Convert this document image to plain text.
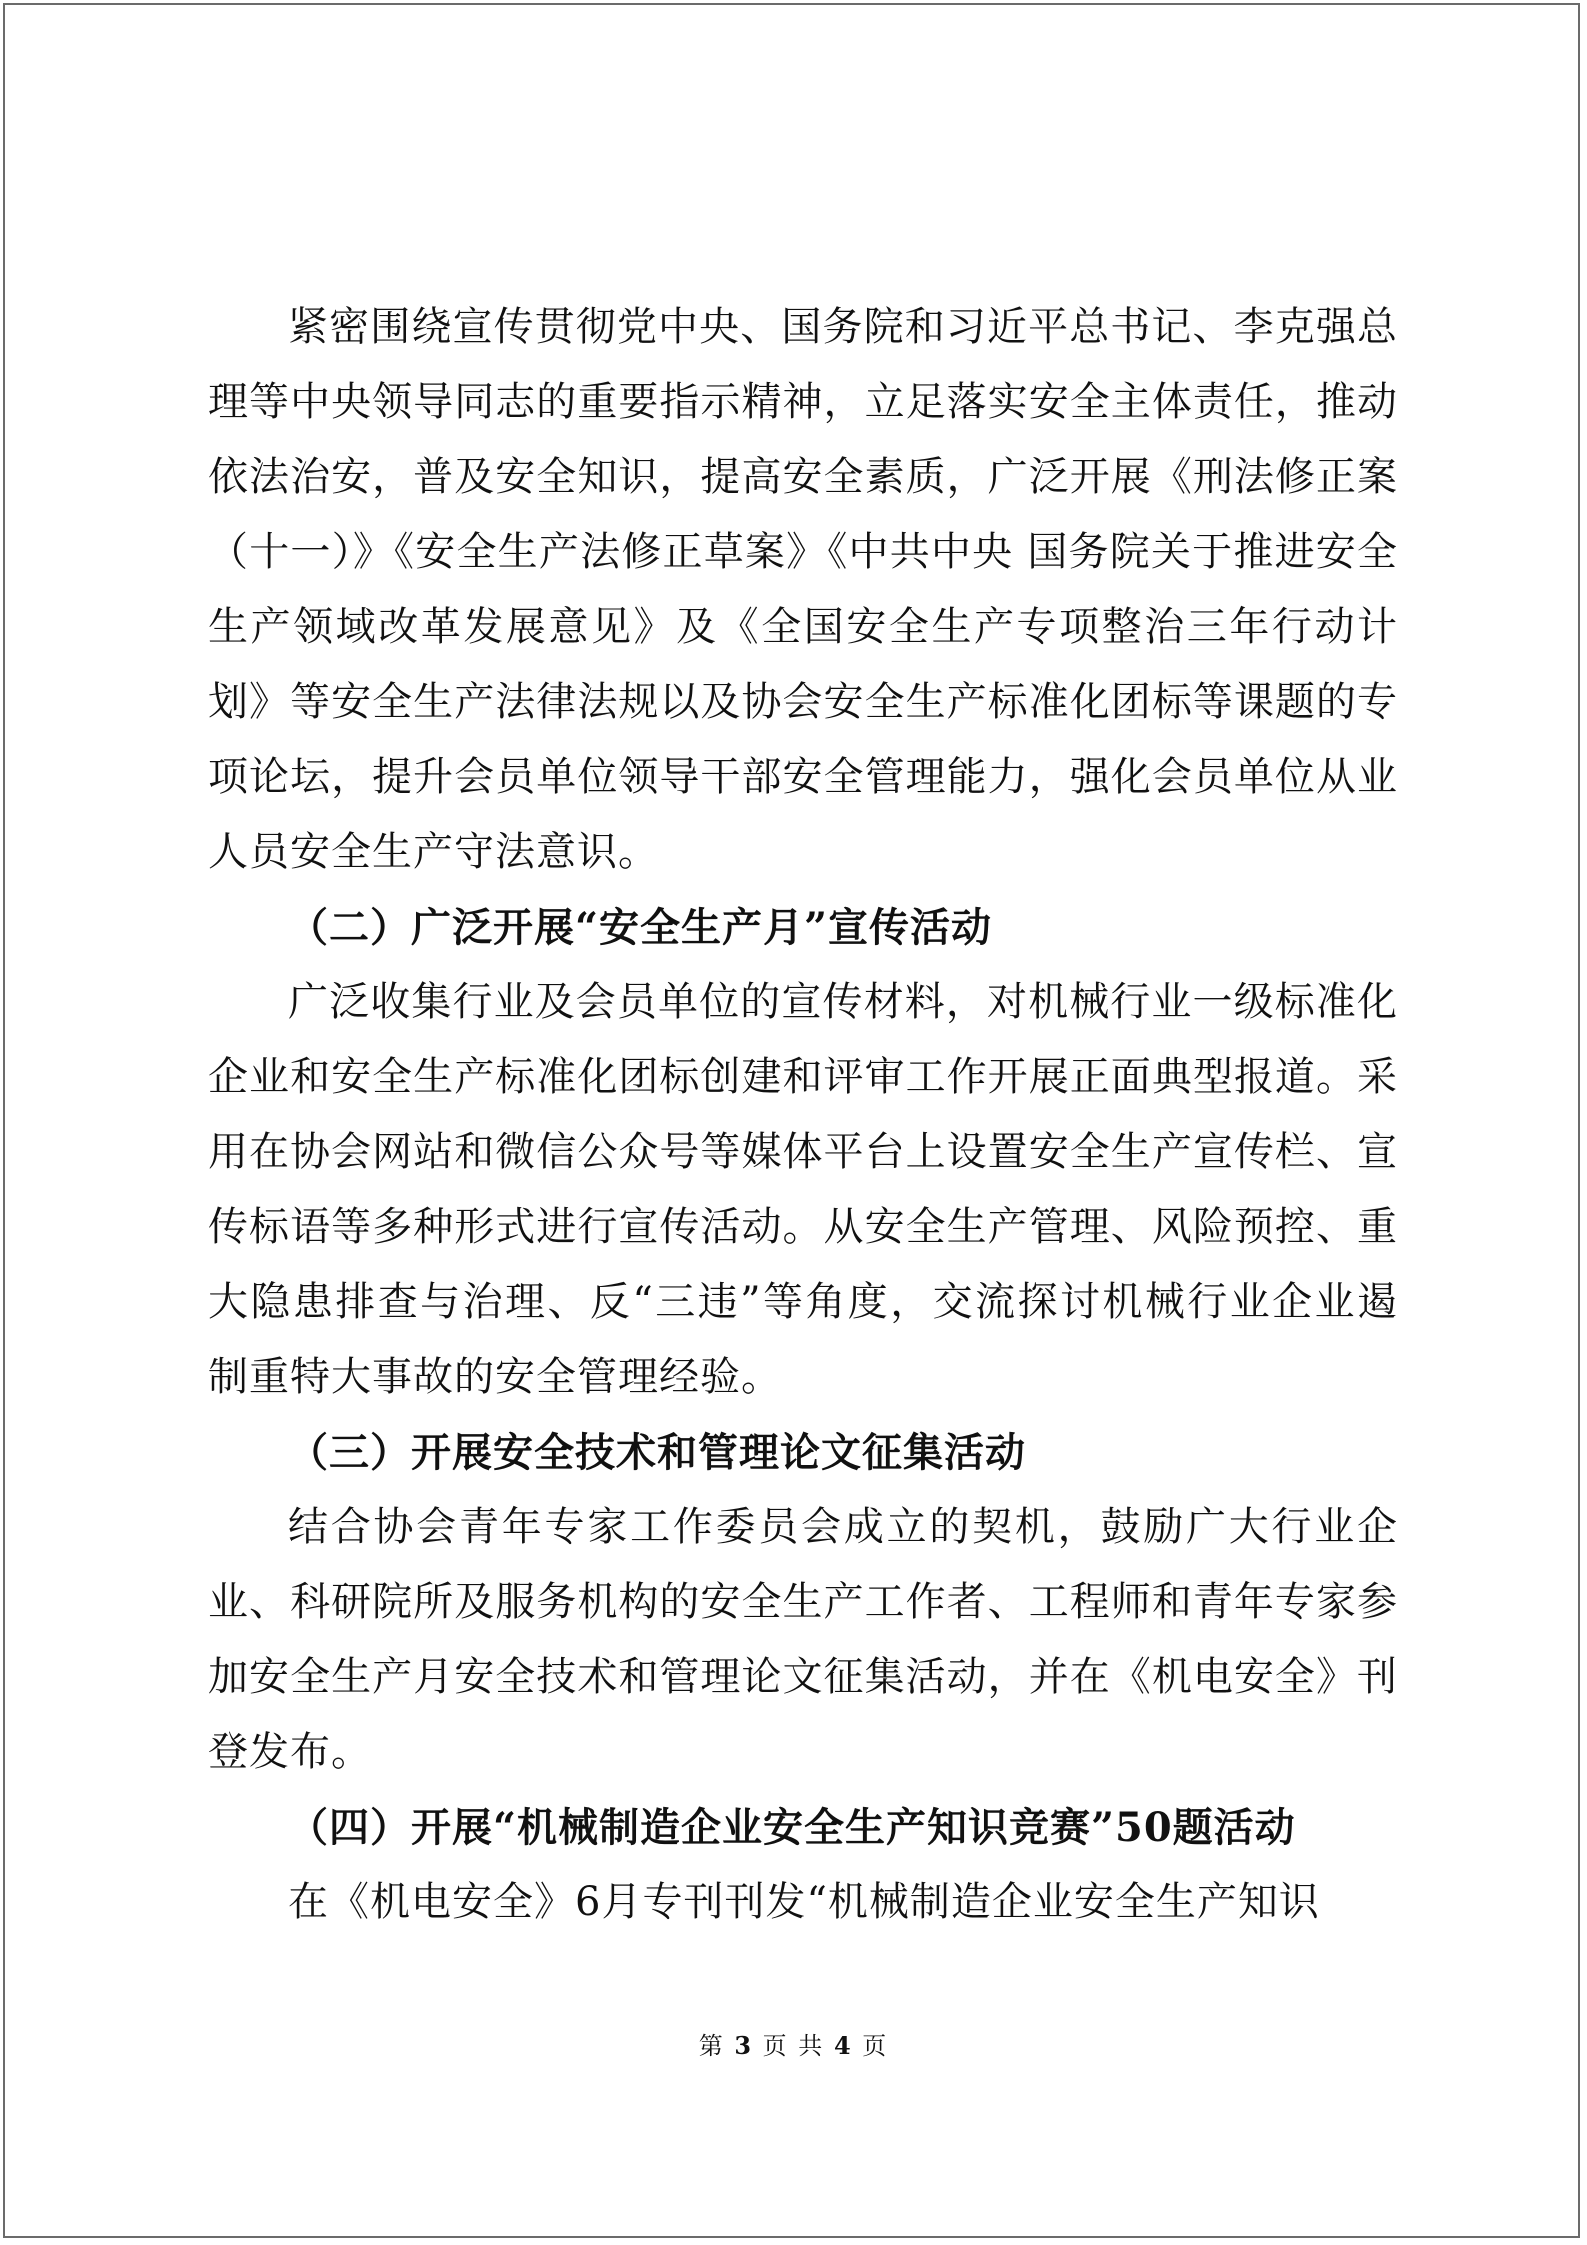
紧密围绕宣传贯彻党中央、国务院和习近平总书记、李克强总理等中央领导同志的重要指示精神，立足落实安全主体责任，推动依法治安，普及安全知识，提高安全素质，广泛开展《刑法修正案（十一）》《安全生产法修正草案》《中共中央 国务院关于推进安全生产领域改革发展意见》及《全国安全生产专项整治三年行动计划》等安全生产法律法规以及协会安全生产标准化团标等课题的专项论坛，提升会员单位领导干部安全管理能力，强化会员单位从业人员安全生产守法意识。

（二）广泛开展“安全生产月”宣传活动

广泛收集行业及会员单位的宣传材料，对机械行业一级标准化企业和安全生产标准化团标创建和评审工作开展正面典型报道。采用在协会网站和微信公众号等媒体平台上设置安全生产宣传栏、宣传标语等多种形式进行宣传活动。从安全生产管理、风险预控、重大隐患排查与治理、反“三违”等角度，交流探讨机械行业企业遏制重特大事故的安全管理经验。

（三）开展安全技术和管理论文征集活动

结合协会青年专家工作委员会成立的契机，鼓励广大行业企业、科研院所及服务机构的安全生产工作者、工程师和青年专家参加安全生产月安全技术和管理论文征集活动，并在《机电安全》刊登发布。

（四）开展“机械制造企业安全生产知识竞赛”50题活动

在《机电安全》6月专刊刊发“机械制造企业安全生产知识

第 3 页 共 4 页
